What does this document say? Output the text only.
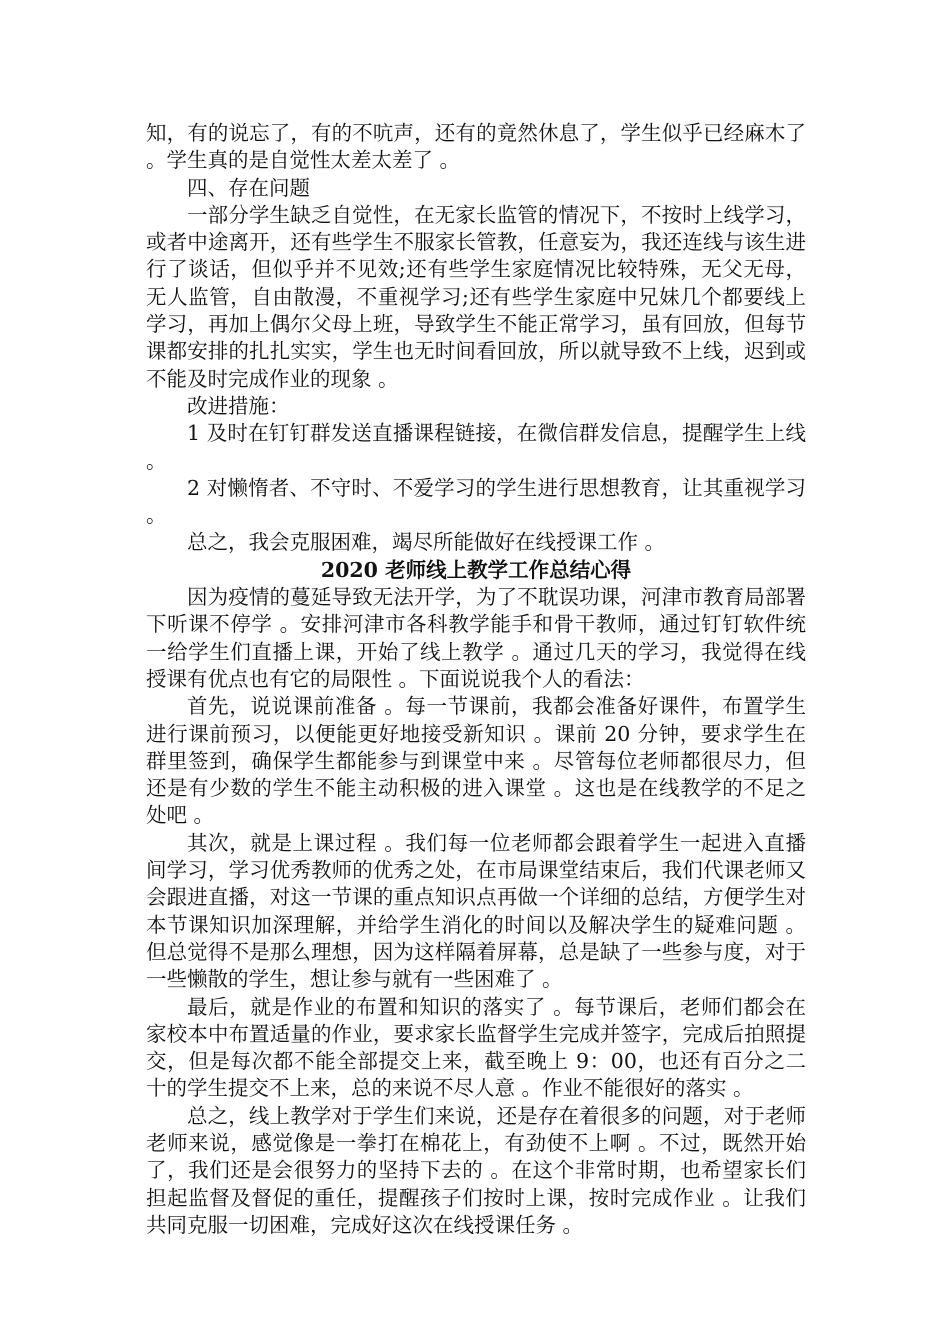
知，有的说忘了，有的不吭声，还有的竟然休息了，学生似乎已经麻木了 。学生真的是自觉性太差太差了 。

四、存在问题

一部分学生缺乏自觉性，在无家长监管的情况下，不按时上线学习，或者中途离开，还有些学生不服家长管教，任意妄为，我还连线与该生进行了谈话，但似乎并不见效;还有些学生家庭情况比较特殊，无父无母，无人监管，自由散漫，不重视学习;还有些学生家庭中兄妹几个都要线上学习，再加上偶尔父母上班，导致学生不能正常学习，虽有回放，但每节课都安排的扎扎实实，学生也无时间看回放，所以就导致不上线，迟到或不能及时完成作业的现象 。

改进措施：

1 及时在钉钉群发送直播课程链接，在微信群发信息，提醒学生上线 。

2 对懒惰者、不守时、不爱学习的学生进行思想教育，让其重视学习 。

总之，我会克服困难，竭尽所能做好在线授课工作 。

2020 老师线上教学工作总结心得

因为疫情的蔓延导致无法开学，为了不耽误功课，河津市教育局部署下听课不停学 。安排河津市各科教学能手和骨干教师，通过钉钉软件统一给学生们直播上课，开始了线上教学 。通过几天的学习，我觉得在线授课有优点也有它的局限性 。下面说说我个人的看法：

首先，说说课前准备 。每一节课前，我都会准备好课件，布置学生进行课前预习，以便能更好地接受新知识 。课前 20 分钟，要求学生在群里签到，确保学生都能参与到课堂中来 。尽管每位老师都很尽力，但还是有少数的学生不能主动积极的进入课堂 。这也是在线教学的不足之处吧 。

其次，就是上课过程 。我们每一位老师都会跟着学生一起进入直播间学习，学习优秀教师的优秀之处，在市局课堂结束后，我们代课老师又会跟进直播，对这一节课的重点知识点再做一个详细的总结，方便学生对本节课知识加深理解，并给学生消化的时间以及解决学生的疑难问题 。但总觉得不是那么理想，因为这样隔着屏幕，总是缺了一些参与度，对于一些懒散的学生，想让参与就有一些困难了 。

最后，就是作业的布置和知识的落实了 。每节课后，老师们都会在家校本中布置适量的作业，要求家长监督学生完成并签字，完成后拍照提交，但是每次都不能全部提交上来，截至晚上 9：00，也还有百分之二十的学生提交不上来，总的来说不尽人意 。作业不能很好的落实 。

总之，线上教学对于学生们来说，还是存在着很多的问题，对于老师老师来说，感觉像是一拳打在棉花上，有劲使不上啊 。不过，既然开始了，我们还是会很努力的坚持下去的 。在这个非常时期，也希望家长们担起监督及督促的重任，提醒孩子们按时上课，按时完成作业 。让我们共同克服一切困难，完成好这次在线授课任务 。
